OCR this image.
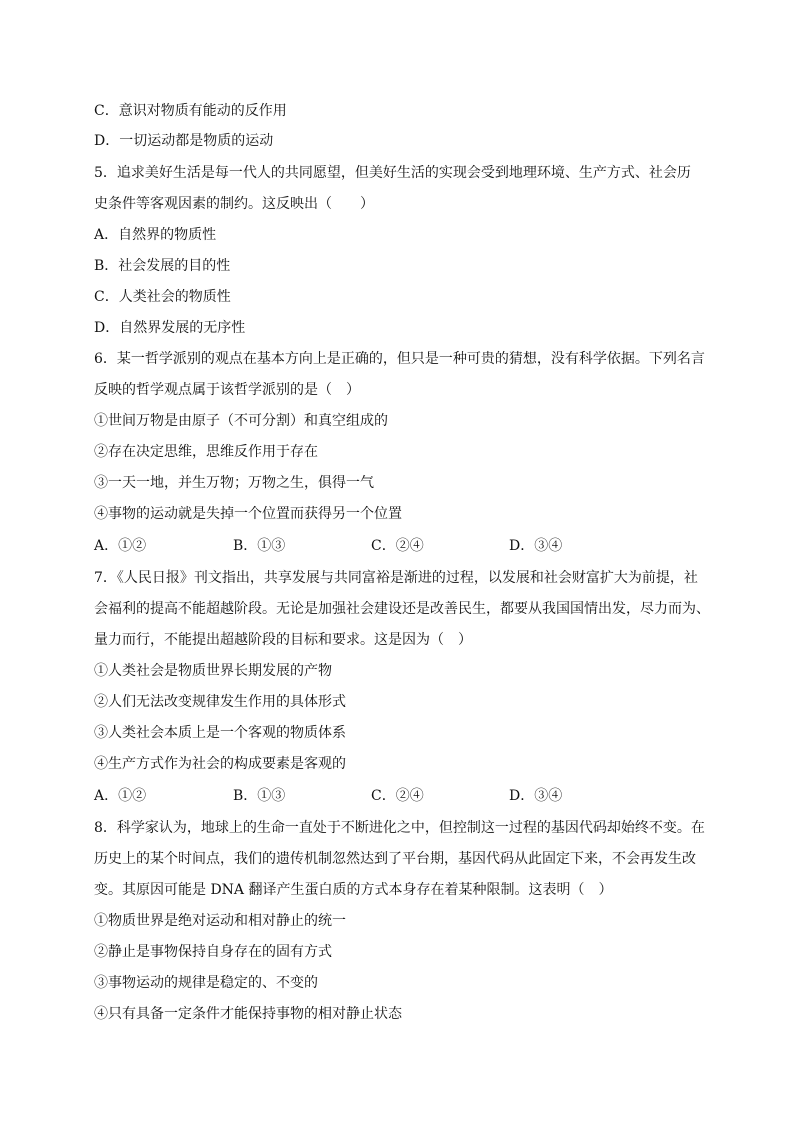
C．意识对物质有能动的反作用
D．一切运动都是物质的运动
5．追求美好生活是每一代人的共同愿望，但美好生活的实现会受到地理环境、生产方式、社会历
史条件等客观因素的制约。这反映出（　　）
A．自然界的物质性
B．社会发展的目的性
C．人类社会的物质性
D．自然界发展的无序性
6．某一哲学派别的观点在基本方向上是正确的，但只是一种可贵的猜想，没有科学依据。下列名言
反映的哲学观点属于该哲学派别的是（　）
①世间万物是由原子（不可分割）和真空组成的
②存在决定思维，思维反作用于存在
③一天一地，并生万物；万物之生，俱得一气
④事物的运动就是失掉一个位置而获得另一个位置
A．①②	B．①③	C．②④	D．③④
7．《人民日报》刊文指出，共享发展与共同富裕是渐进的过程，以发展和社会财富扩大为前提，社
会福利的提高不能超越阶段。无论是加强社会建设还是改善民生，都要从我国国情出发，尽力而为、
量力而行，不能提出超越阶段的目标和要求。这是因为（　）
①人类社会是物质世界长期发展的产物
②人们无法改变规律发生作用的具体形式
③人类社会本质上是一个客观的物质体系
④生产方式作为社会的构成要素是客观的
A．①②	B．①③	C．②④	D．③④
8．科学家认为，地球上的生命一直处于不断进化之中，但控制这一过程的基因代码却始终不变。在
历史上的某个时间点，我们的遗传机制忽然达到了平台期，基因代码从此固定下来，不会再发生改
变。其原因可能是 DNA 翻译产生蛋白质的方式本身存在着某种限制。这表明（　）
①物质世界是绝对运动和相对静止的统一
②静止是事物保持自身存在的固有方式
③事物运动的规律是稳定的、不变的
④只有具备一定条件才能保持事物的相对静止状态
